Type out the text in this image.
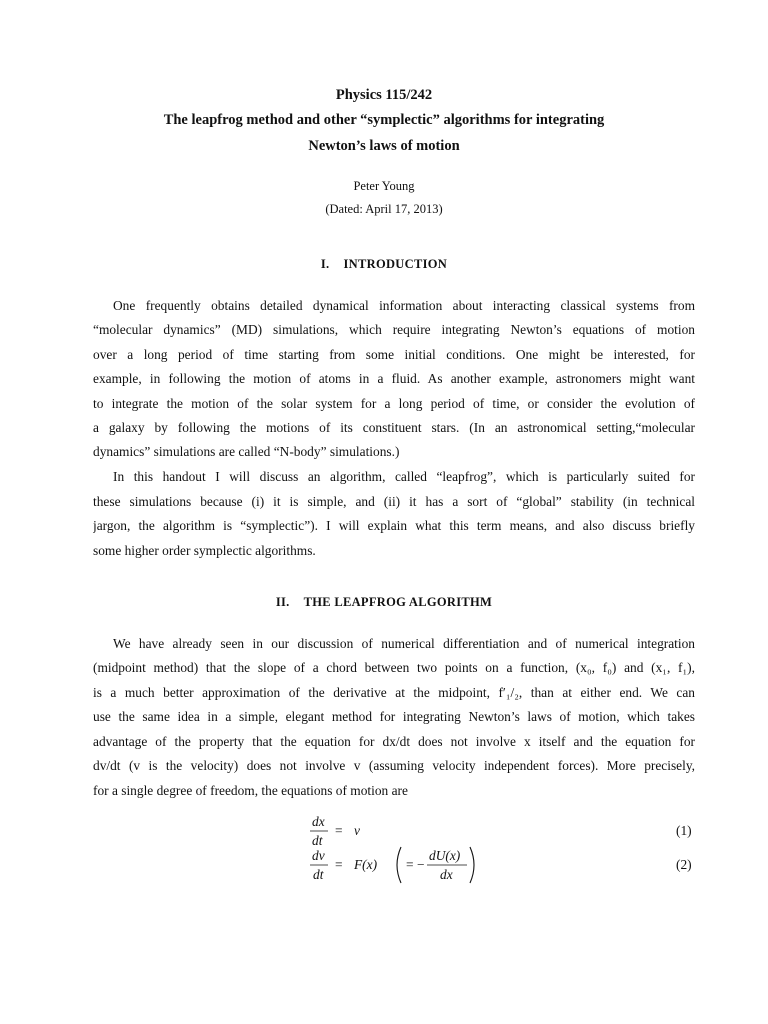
Physics 115/242
The leapfrog method and other “symplectic” algorithms for integrating
Newton’s laws of motion
Peter Young
(Dated: April 17, 2013)
I. INTRODUCTION
One frequently obtains detailed dynamical information about interacting classical systems from
“molecular dynamics” (MD) simulations, which require integrating Newton’s equations of motion
over a long period of time starting from some initial conditions. One might be interested, for
example, in following the motion of atoms in a fluid. As another example, astronomers might want
to integrate the motion of the solar system for a long period of time, or consider the evolution of
a galaxy by following the motions of its constituent stars. (In an astronomical setting,“molecular
dynamics” simulations are called “N-body” simulations.)
In this handout I will discuss an algorithm, called “leapfrog”, which is particularly suited for
these simulations because (i) it is simple, and (ii) it has a sort of “global” stability (in technical
jargon, the algorithm is “symplectic”). I will explain what this term means, and also discuss briefly
some higher order symplectic algorithms.
II. THE LEAPFROG ALGORITHM
We have already seen in our discussion of numerical differentiation and of numerical integration
(midpoint method) that the slope of a chord between two points on a function, (x₀, f₀) and (x₁, f₁),
is a much better approximation of the derivative at the midpoint, f′₁/₂, than at either end. We can
use the same idea in a simple, elegant method for integrating Newton’s laws of motion, which takes
advantage of the property that the equation for dx/dt does not involve x itself and the equation for
dv/dt (v is the velocity) does not involve v (assuming velocity independent forces). More precisely,
for a single degree of freedom, the equations of motion are
dx
dt
= v
dv
dt
= F(x) = −
dU(x)
dx
(1)
(2)
